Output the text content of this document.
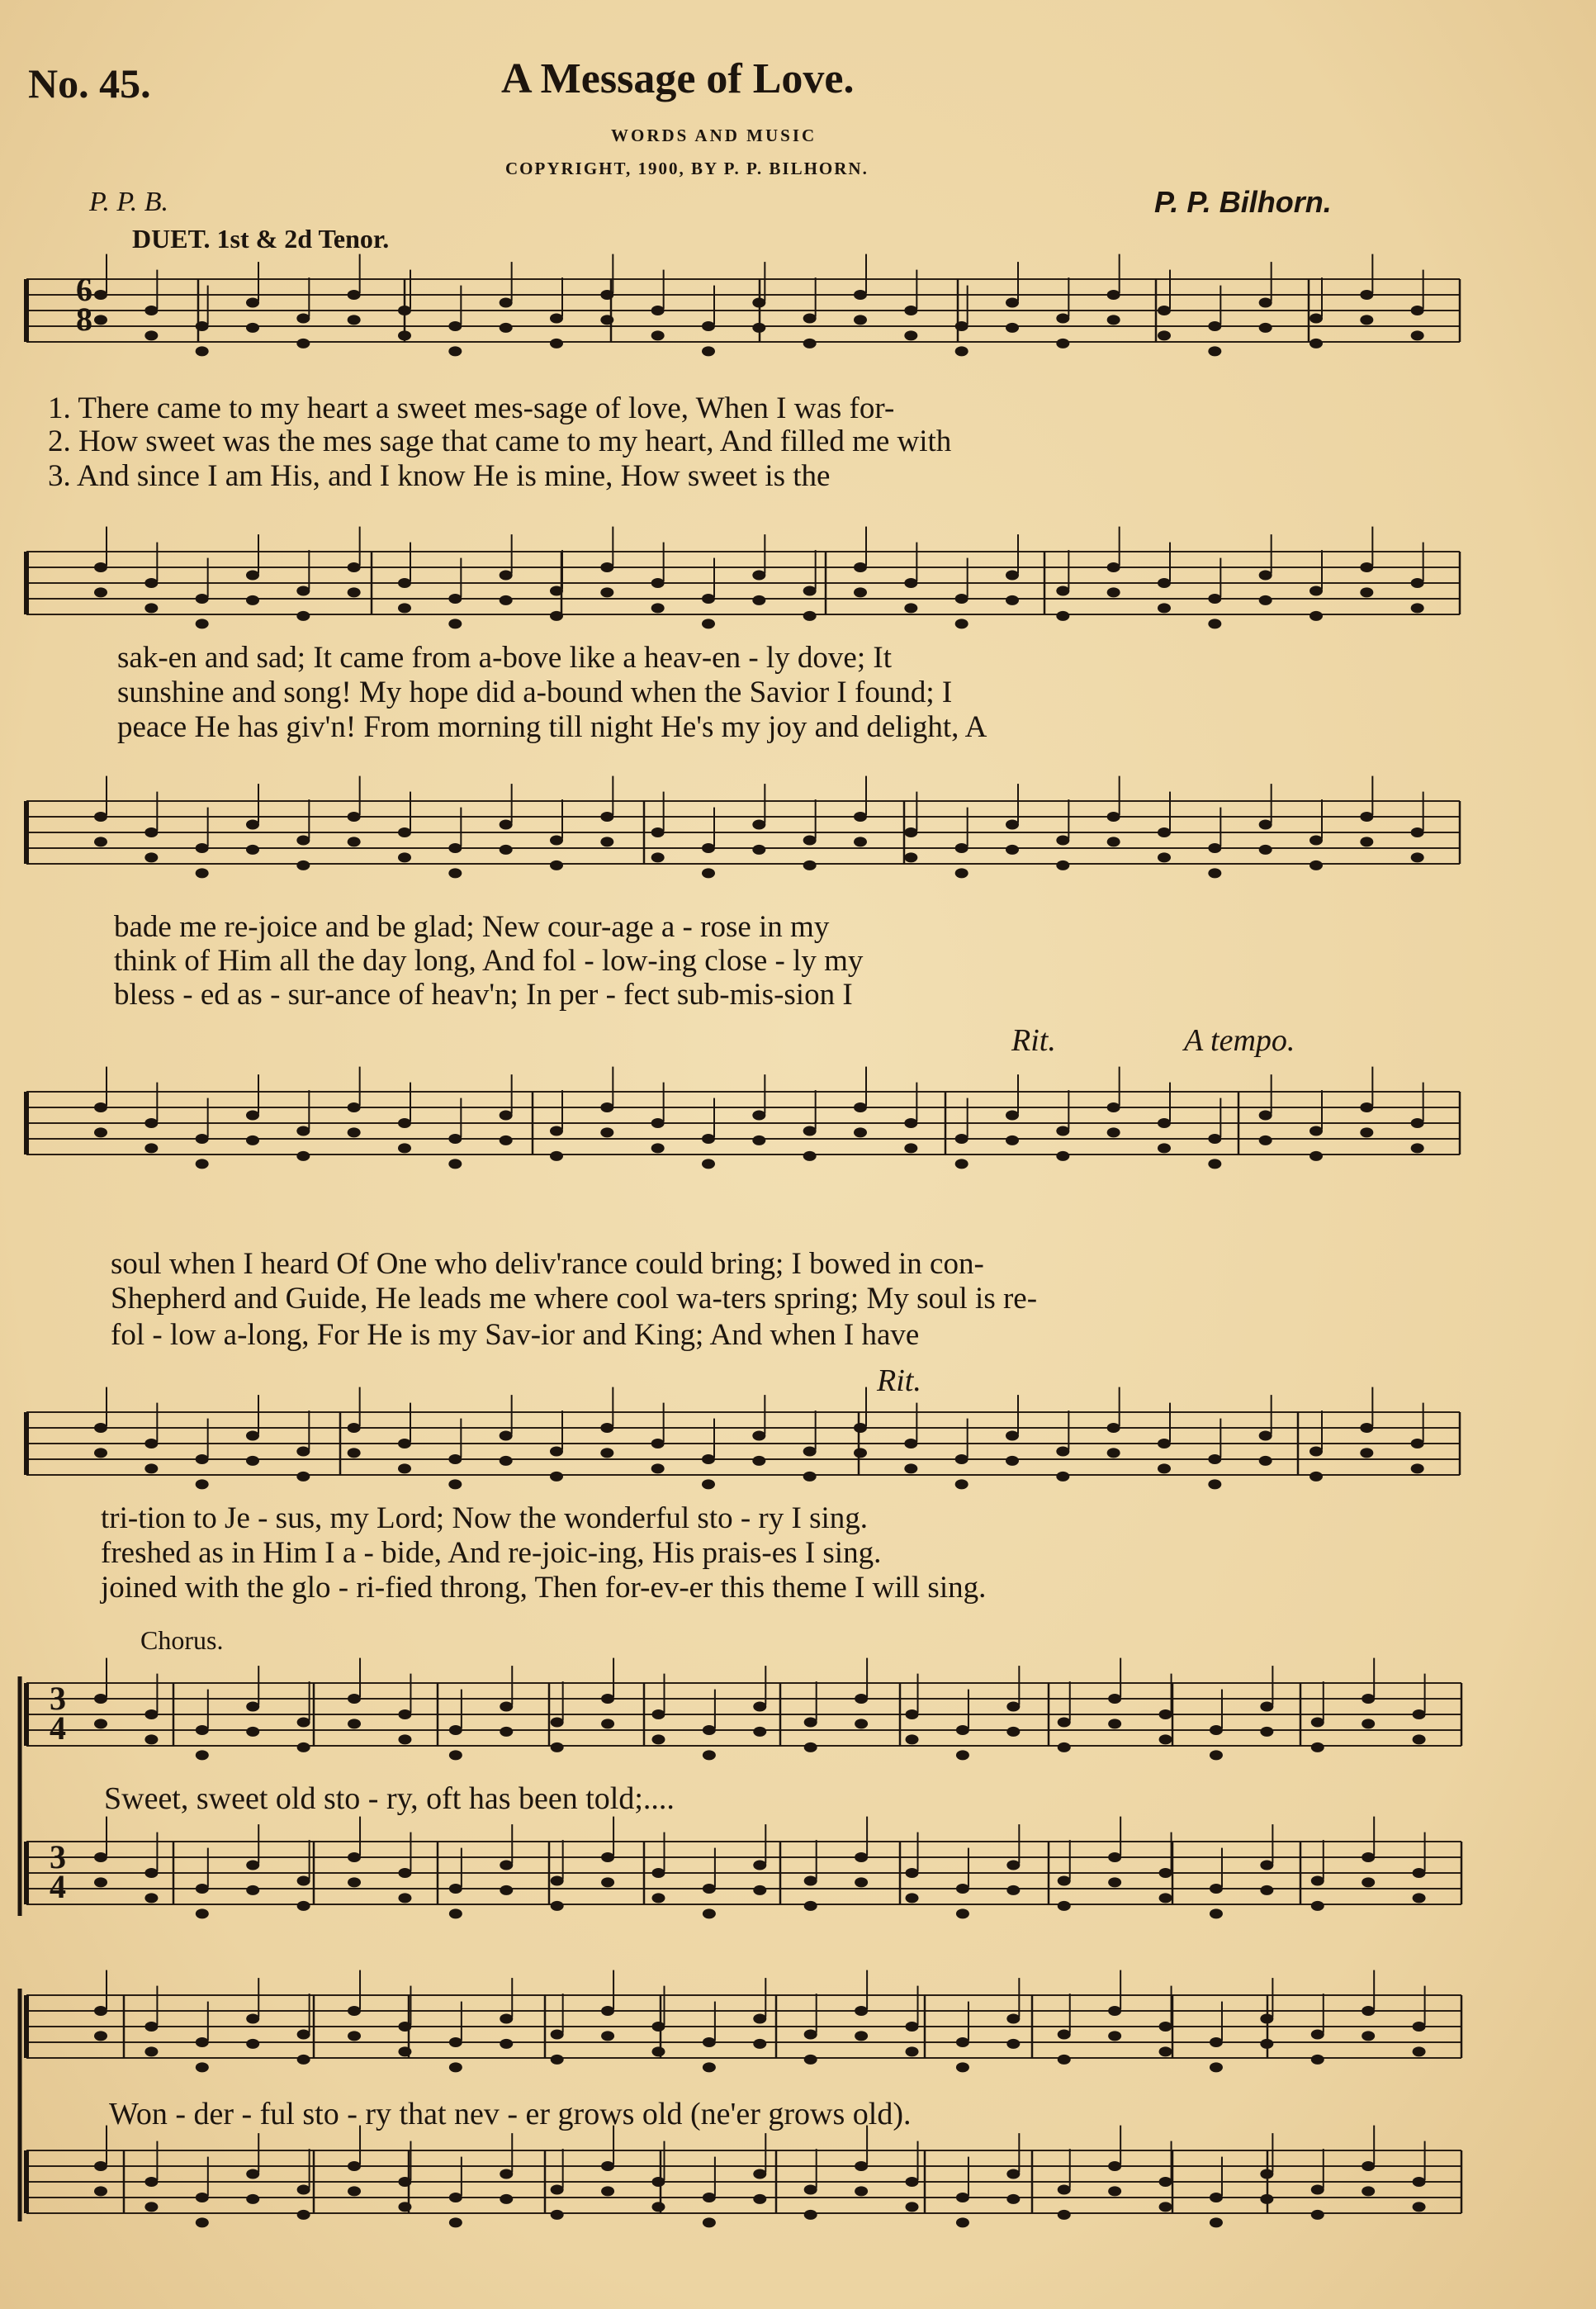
No. 45.	A Message of Love.
WORDS AND MUSIC
COPYRIGHT, 1900, BY P. P. BILHORN.
P. P. B.	P. P. Bilhorn.
DUET. 1st & 2d Tenor.
6
8
3
4
3
4
1. There came to my heart a sweet mes-sage of love, When I was for-
2. How sweet was the mes sage that came to my heart, And filled me with
3. And since I am His, and I know He is mine, How sweet is the
sak-en and sad; It came from a-bove like a heav-en - ly dove; It
sunshine and song! My hope did a-bound when the Savior I found; I
peace He has giv'n! From morning till night He's my joy and delight, A
bade me re-joice and be glad; New cour-age a - rose in my
think of Him all the day long, And fol - low-ing close - ly my
bless - ed as - sur-ance of heav'n; In per - fect sub-mis-sion I
Rit.	A tempo.
soul when I heard Of One who deliv'rance could bring; I bowed in con-
Shepherd and Guide, He leads me where cool wa-ters spring; My soul is re-
fol - low a-long, For He is my Sav-ior and King; And when I have
Rit.
tri-tion to Je - sus, my Lord; Now the wonderful sto - ry I sing.
freshed as in Him I a - bide, And re-joic-ing, His prais-es I sing.
joined with the glo - ri-fied throng, Then for-ev-er this theme I will sing.
Chorus.
Sweet, sweet old sto - ry, oft has been told;....
Won - der - ful sto - ry that nev - er grows old (ne'er grows old).
